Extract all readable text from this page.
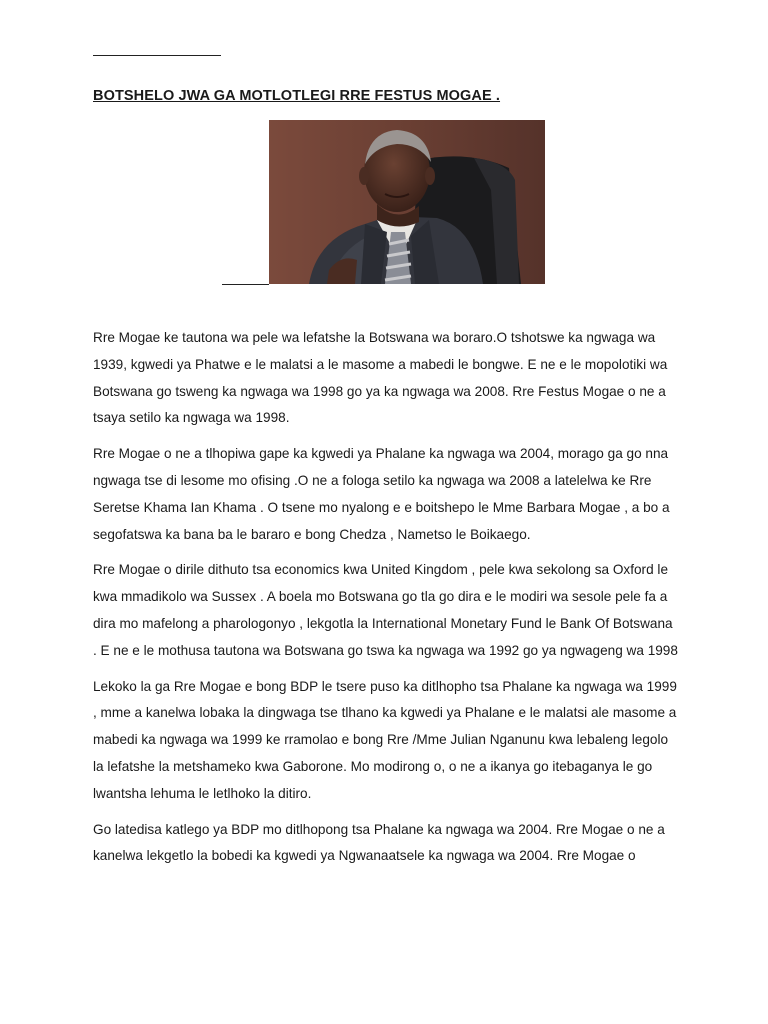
BOTSHELO JWA GA MOTLOTLEGI RRE FESTUS MOGAE .

Rre Mogae ke tautona wa pele wa lefatshe la Botswana wa boraro.O tshotswe ka ngwaga wa 1939, kgwedi ya Phatwe e le malatsi a le masome a mabedi le bongwe. E ne e le mopolotiki wa Botswana go tsweng ka ngwaga wa 1998 go ya ka ngwaga wa 2008. Rre Festus Mogae o ne a tsaya setilo ka ngwaga wa 1998.

Rre Mogae o ne a tlhopiwa gape ka kgwedi ya Phalane ka ngwaga wa 2004, morago ga go nna ngwaga tse di lesome mo ofising .O ne a fologa setilo ka ngwaga wa 2008 a latelelwa ke Rre Seretse Khama Ian Khama . O tsene mo nyalong e e boitshepo le Mme Barbara Mogae , a bo a segofatswa ka bana ba le bararo e bong Chedza , Nametso le Boikaego.

Rre Mogae o dirile dithuto tsa economics kwa United Kingdom , pele kwa sekolong sa Oxford le kwa mmadikolo wa Sussex . A boela mo Botswana go tla go dira e le modiri wa sesole pele fa a dira mo mafelong a pharologonyo , lekgotla la International Monetary Fund le Bank Of Botswana . E ne e le mothusa tautona wa Botswana go tswa ka ngwaga wa 1992 go ya ngwageng wa 1998

Lekoko la ga Rre Mogae e bong BDP le tsere puso ka ditlhopho tsa Phalane ka ngwaga wa 1999 , mme a kanelwa lobaka la dingwaga tse tlhano ka kgwedi ya Phalane e le malatsi ale masome a mabedi ka ngwaga wa 1999 ke rramolao e bong Rre /Mme Julian Nganunu kwa lebaleng legolo la lefatshe la metshameko kwa Gaborone. Mo modirong o, o ne a ikanya go itebaganya le go lwantsha lehuma le letlhoko la ditiro.

Go latedisa katlego ya BDP mo ditlhopong tsa Phalane ka ngwaga wa 2004. Rre Mogae o ne a kanelwa lekgetlo la bobedi ka kgwedi ya Ngwanaatsele ka ngwaga wa 2004. Rre Mogae o
